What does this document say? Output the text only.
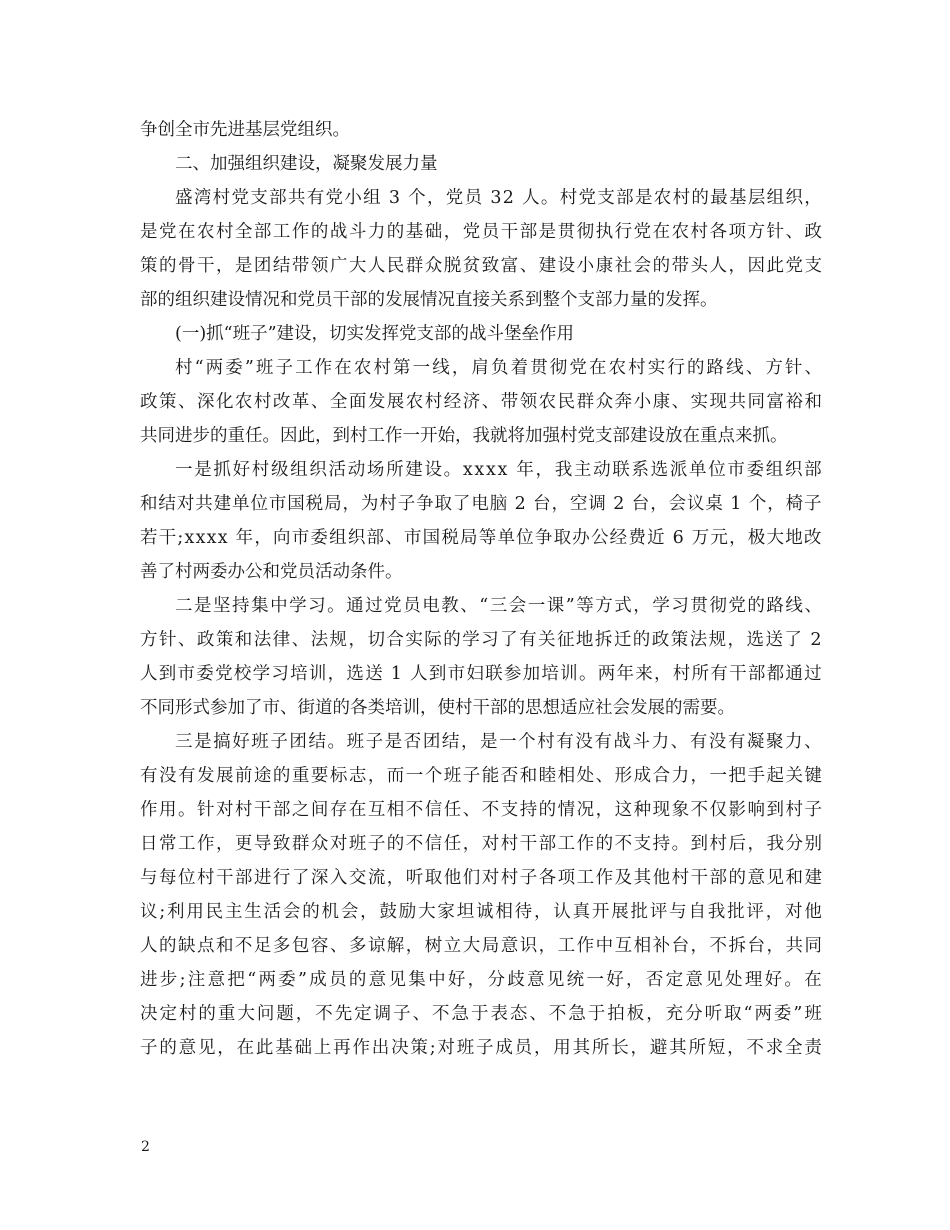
争创全市先进基层党组织。
二、加强组织建设，凝聚发展力量
盛 湾 村 党 支 部 共 有 党 小 组
3
个 ， 党 员
3 2
人 。 村 党 支 部 是 农 村 的 最 基 层 组 织 ，
是 党 在 农 村 全 部 工 作 的 战 斗 力 的 基 础 ， 党 员 干 部 是 贯 彻 执 行 党 在 农 村 各 项 方 针 、 政
策 的 骨 干 ， 是 团 结 带 领 广 大 人 民 群 众 脱 贫 致 富 、 建 设 小 康 社 会 的 带 头 人 ， 因 此 党 支
部的组织建设情况和党员干部的发展情况直接关系到整个支部力量的发挥。
(一)抓“班子”建设，切实发挥党支部的战斗堡垒作用
村 “ 两 委 ” 班 子 工 作 在 农 村 第 一 线 ， 肩 负 着 贯 彻 党 在 农 村 实 行 的 路 线 、 方 针 、
政 策 、 深 化 农 村 改 革 、 全 面 发 展 农 村 经 济 、 带 领 农 民 群 众 奔 小 康 、 实 现 共 同 富 裕 和
共同进步的重任。因此，到村工作一开始，我就将加强村党支部建设放在重点来抓。
一 是 抓 好 村 级 组 织 活 动 场 所 建 设 。 x x x x
年 ， 我 主 动 联 系 选 派 单 位 市 委 组 织 部
和 结 对 共 建 单 位 市 国 税 局 ， 为 村 子 争 取 了 电 脑
2
台 ， 空 调
2
台 ， 会 议 桌
1
个 ， 椅 子
若 干 ; x x x x
年 ， 向 市 委 组 织 部 、 市 国 税 局 等 单 位 争 取 办 公 经 费 近
6
万 元 ， 极 大 地 改
善了村两委办公和党员活动条件。
二 是 坚 持 集 中 学 习 。 通 过 党 员 电 教 、 “ 三 会 一 课 ” 等 方 式 ， 学 习 贯 彻 党 的 路 线 、
方 针 、 政 策 和 法 律 、 法 规 ， 切 合 实 际 的 学 习 了 有 关 征 地 拆 迁 的 政 策 法 规 ， 选 送 了
2
人 到 市 委 党 校 学 习 培 训 ， 选 送
1
人 到 市 妇 联 参 加 培 训 。 两 年 来 ， 村 所 有 干 部 都 通 过
不同形式参加了市、街道的各类培训，使村干部的思想适应社会发展的需要。
三 是 搞 好 班 子 团 结 。 班 子 是 否 团 结 ， 是 一 个 村 有 没 有 战 斗 力 、 有 没 有 凝 聚 力 、
有 没 有 发 展 前 途 的 重 要 标 志 ， 而 一 个 班 子 能 否 和 睦 相 处 、 形 成 合 力 ， 一 把 手 起 关 键
作 用 。 针 对 村 干 部 之 间 存 在 互 相 不 信 任 、 不 支 持 的 情 况 ， 这 种 现 象 不 仅 影 响 到 村 子
日 常 工 作 ， 更 导 致 群 众 对 班 子 的 不 信 任 ， 对 村 干 部 工 作 的 不 支 持 。 到 村 后 ， 我 分 别
与 每 位 村 干 部 进 行 了 深 入 交 流 ， 听 取 他 们 对 村 子 各 项 工 作 及 其 他 村 干 部 的 意 见 和 建
议 ; 利 用 民 主 生 活 会 的 机 会 ， 鼓 励 大 家 坦 诚 相 待 ， 认 真 开 展 批 评 与 自 我 批 评 ， 对 他
人 的 缺 点 和 不 足 多 包 容 、 多 谅 解 ， 树 立 大 局 意 识 ， 工 作 中 互 相 补 台 ， 不 拆 台 ， 共 同
进 步 ; 注 意 把 “ 两 委 ” 成 员 的 意 见 集 中 好 ， 分 歧 意 见 统 一 好 ， 否 定 意 见 处 理 好 。 在
决 定 村 的 重 大 问 题 ， 不 先 定 调 子 、 不 急 于 表 态 、 不 急 于 拍 板 ， 充 分 听 取 “ 两 委 ” 班
子 的 意 见 ， 在 此 基 础 上 再 作 出 决 策 ; 对 班 子 成 员 ， 用 其 所 长 ， 避 其 所 短 ， 不 求 全 责
2
